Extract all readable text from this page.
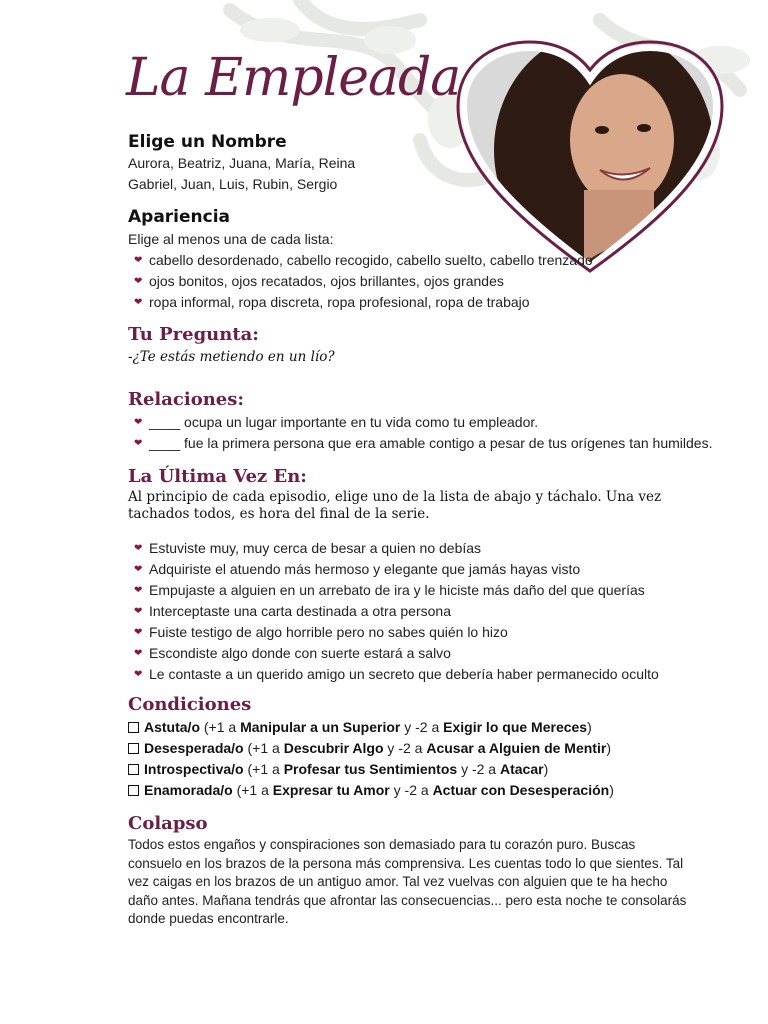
La Empleada
Elige un Nombre
Aurora, Beatriz, Juana, María, Reina
Gabriel, Juan, Luis, Rubin, Sergio
Apariencia
Elige al menos una de cada lista:
❤ cabello desordenado, cabello recogido, cabello suelto, cabello trenzado
❤ ojos bonitos, ojos recatados, ojos brillantes, ojos grandes
❤ ropa informal, ropa discreta, ropa profesional, ropa de trabajo
Tu Pregunta:
-¿Te estás metiendo en un lío?
Relaciones:
❤ ____ ocupa un lugar importante en tu vida como tu empleador.
❤ ____ fue la primera persona que era amable contigo a pesar de tus orígenes tan humildes.
La Última Vez En:
Al principio de cada episodio, elige uno de la lista de abajo y táchalo. Una vez tachados todos, es hora del final de la serie.
❤ Estuviste muy, muy cerca de besar a quien no debías
❤ Adquiriste el atuendo más hermoso y elegante que jamás hayas visto
❤ Empujaste a alguien en un arrebato de ira y le hiciste más daño del que querías
❤ Interceptaste una carta destinada a otra persona
❤ Fuiste testigo de algo horrible pero no sabes quién lo hizo
❤ Escondiste algo donde con suerte estará a salvo
❤ Le contaste a un querido amigo un secreto que debería haber permanecido oculto
Condiciones
Astuta/o (+1 a Manipular a un Superior y -2 a Exigir lo que Mereces)
Desesperada/o (+1 a Descubrir Algo y -2 a Acusar a Alguien de Mentir)
Introspectiva/o (+1 a Profesar tus Sentimientos y -2 a Atacar)
Enamorada/o (+1 a Expresar tu Amor y -2 a Actuar con Desesperación)
Colapso
Todos estos engaños y conspiraciones son demasiado para tu corazón puro. Buscas consuelo en los brazos de la persona más comprensiva. Les cuentas todo lo que sientes. Tal vez caigas en los brazos de un antiguo amor. Tal vez vuelvas con alguien que te ha hecho daño antes. Mañana tendrás que afrontar las consecuencias... pero esta noche te consolarás donde puedas encontrarle.
